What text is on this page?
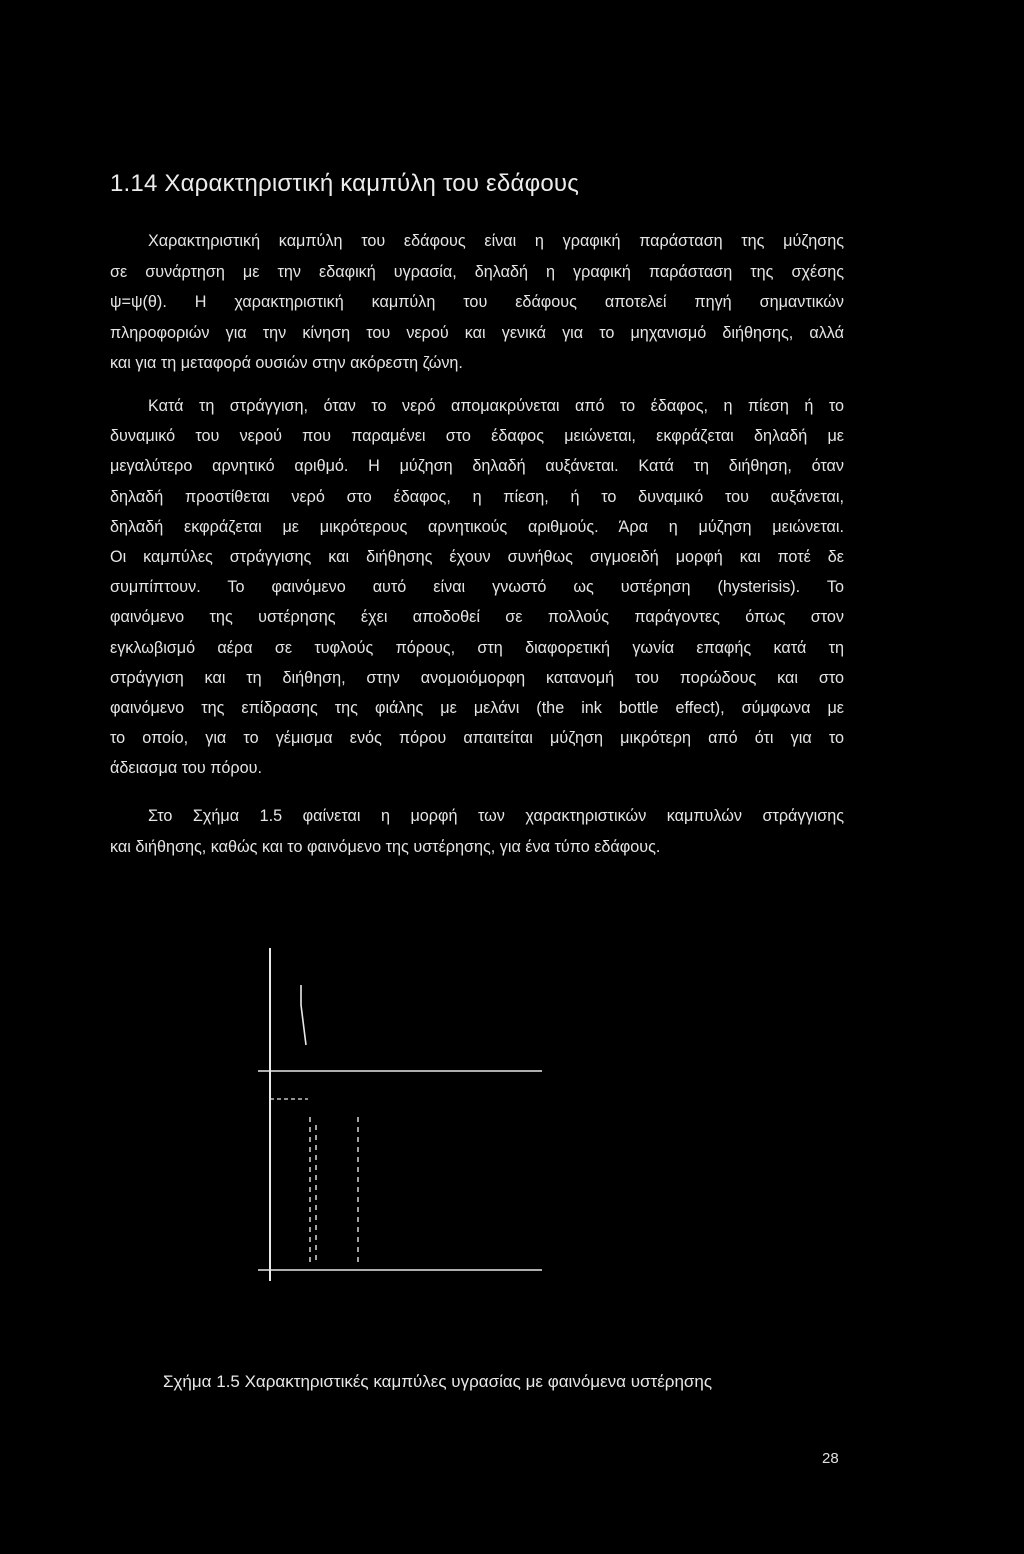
1.14 Χαρακτηριστική καμπύλη του εδάφους
Χαρακτηριστική καμπύλη του εδάφους είναι η γραφική παράσταση της μύζησης
σε συνάρτηση με την εδαφική υγρασία, δηλαδή η γραφική παράσταση της σχέσης
ψ=ψ(θ). Η χαρακτηριστική καμπύλη του εδάφους αποτελεί πηγή σημαντικών
πληροφοριών για την κίνηση του νερού και γενικά για το μηχανισμό διήθησης, αλλά
και για τη μεταφορά ουσιών στην ακόρεστη ζώνη.
Κατά τη στράγγιση, όταν το νερό απομακρύνεται από το έδαφος, η πίεση ή το
δυναμικό του νερού που παραμένει στο έδαφος μειώνεται, εκφράζεται δηλαδή με
μεγαλύτερο αρνητικό αριθμό. Η μύζηση δηλαδή αυξάνεται. Κατά τη διήθηση, όταν
δηλαδή προστίθεται νερό στο έδαφος, η πίεση, ή το δυναμικό του αυξάνεται,
δηλαδή εκφράζεται με μικρότερους αρνητικούς αριθμούς. Άρα η μύζηση μειώνεται.
Οι καμπύλες στράγγισης και διήθησης έχουν συνήθως σιγμοειδή μορφή και ποτέ δε
συμπίπτουν. Το φαινόμενο αυτό είναι γνωστό ως υστέρηση (hysterisis). Το
φαινόμενο της υστέρησης έχει αποδοθεί σε πολλούς παράγοντες όπως στον
εγκλωβισμό αέρα σε τυφλούς πόρους, στη διαφορετική γωνία επαφής κατά τη
στράγγιση και τη διήθηση, στην ανομοιόμορφη κατανομή του πορώδους και στο
φαινόμενο της επίδρασης της φιάλης με μελάνι (the ink bottle effect), σύμφωνα με
το οποίο, για το γέμισμα ενός πόρου απαιτείται μύζηση μικρότερη από ότι για το
άδειασμα του πόρου.
Στο Σχήμα 1.5 φαίνεται η μορφή των χαρακτηριστικών καμπυλών στράγγισης
και διήθησης, καθώς και το φαινόμενο της υστέρησης, για ένα τύπο εδάφους.
Σχήμα 1.5 Χαρακτηριστικές καμπύλες υγρασίας με φαινόμενα υστέρησης
28
